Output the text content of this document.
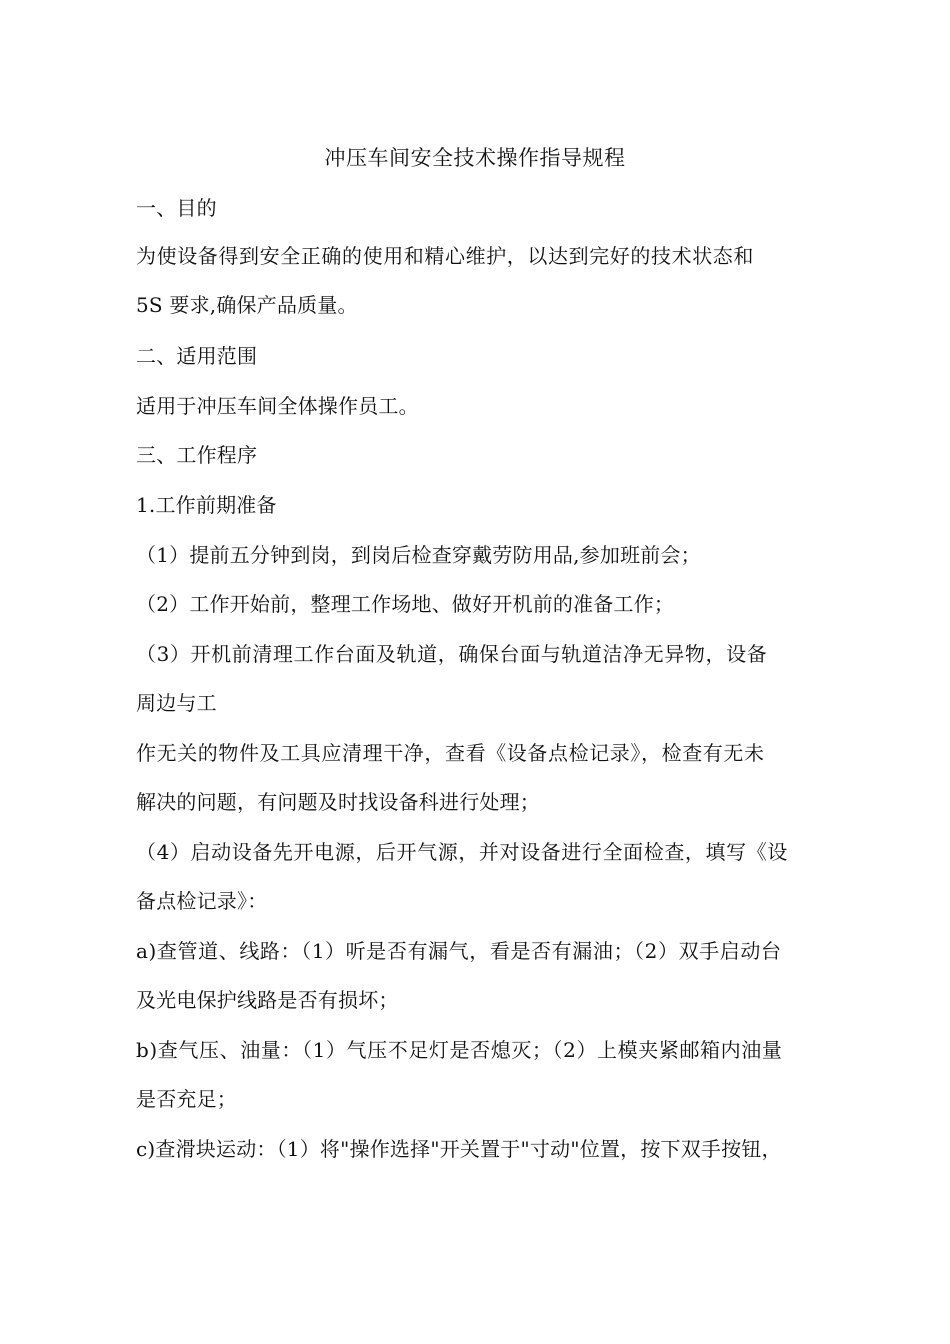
冲压车间安全技术操作指导规程
一、目的
为使设备得到安全正确的使用和精心维护，以达到完好的技术状态和
5S 要求,确保产品质量。
二、适用范围
适用于冲压车间全体操作员工。
三、工作程序
1.工作前期准备
（1）提前五分钟到岗，到岗后检查穿戴劳防用品,参加班前会；
（2）工作开始前，整理工作场地、做好开机前的准备工作；
（3）开机前清理工作台面及轨道，确保台面与轨道洁净无异物，设备
周边与工
作无关的物件及工具应清理干净，查看《设备点检记录》，检查有无未
解决的问题，有问题及时找设备科进行处理；
（4）启动设备先开电源，后开气源，并对设备进行全面检查，填写《设
备点检记录》：
a)查管道、线路：（1）听是否有漏气，看是否有漏油；（2）双手启动台
及光电保护线路是否有损坏；
b)查气压、油量：（1）气压不足灯是否熄灭；（2）上模夹紧邮箱内油量
是否充足；
c)查滑块运动：（1）将"操作选择"开关置于"寸动"位置，按下双手按钮，
